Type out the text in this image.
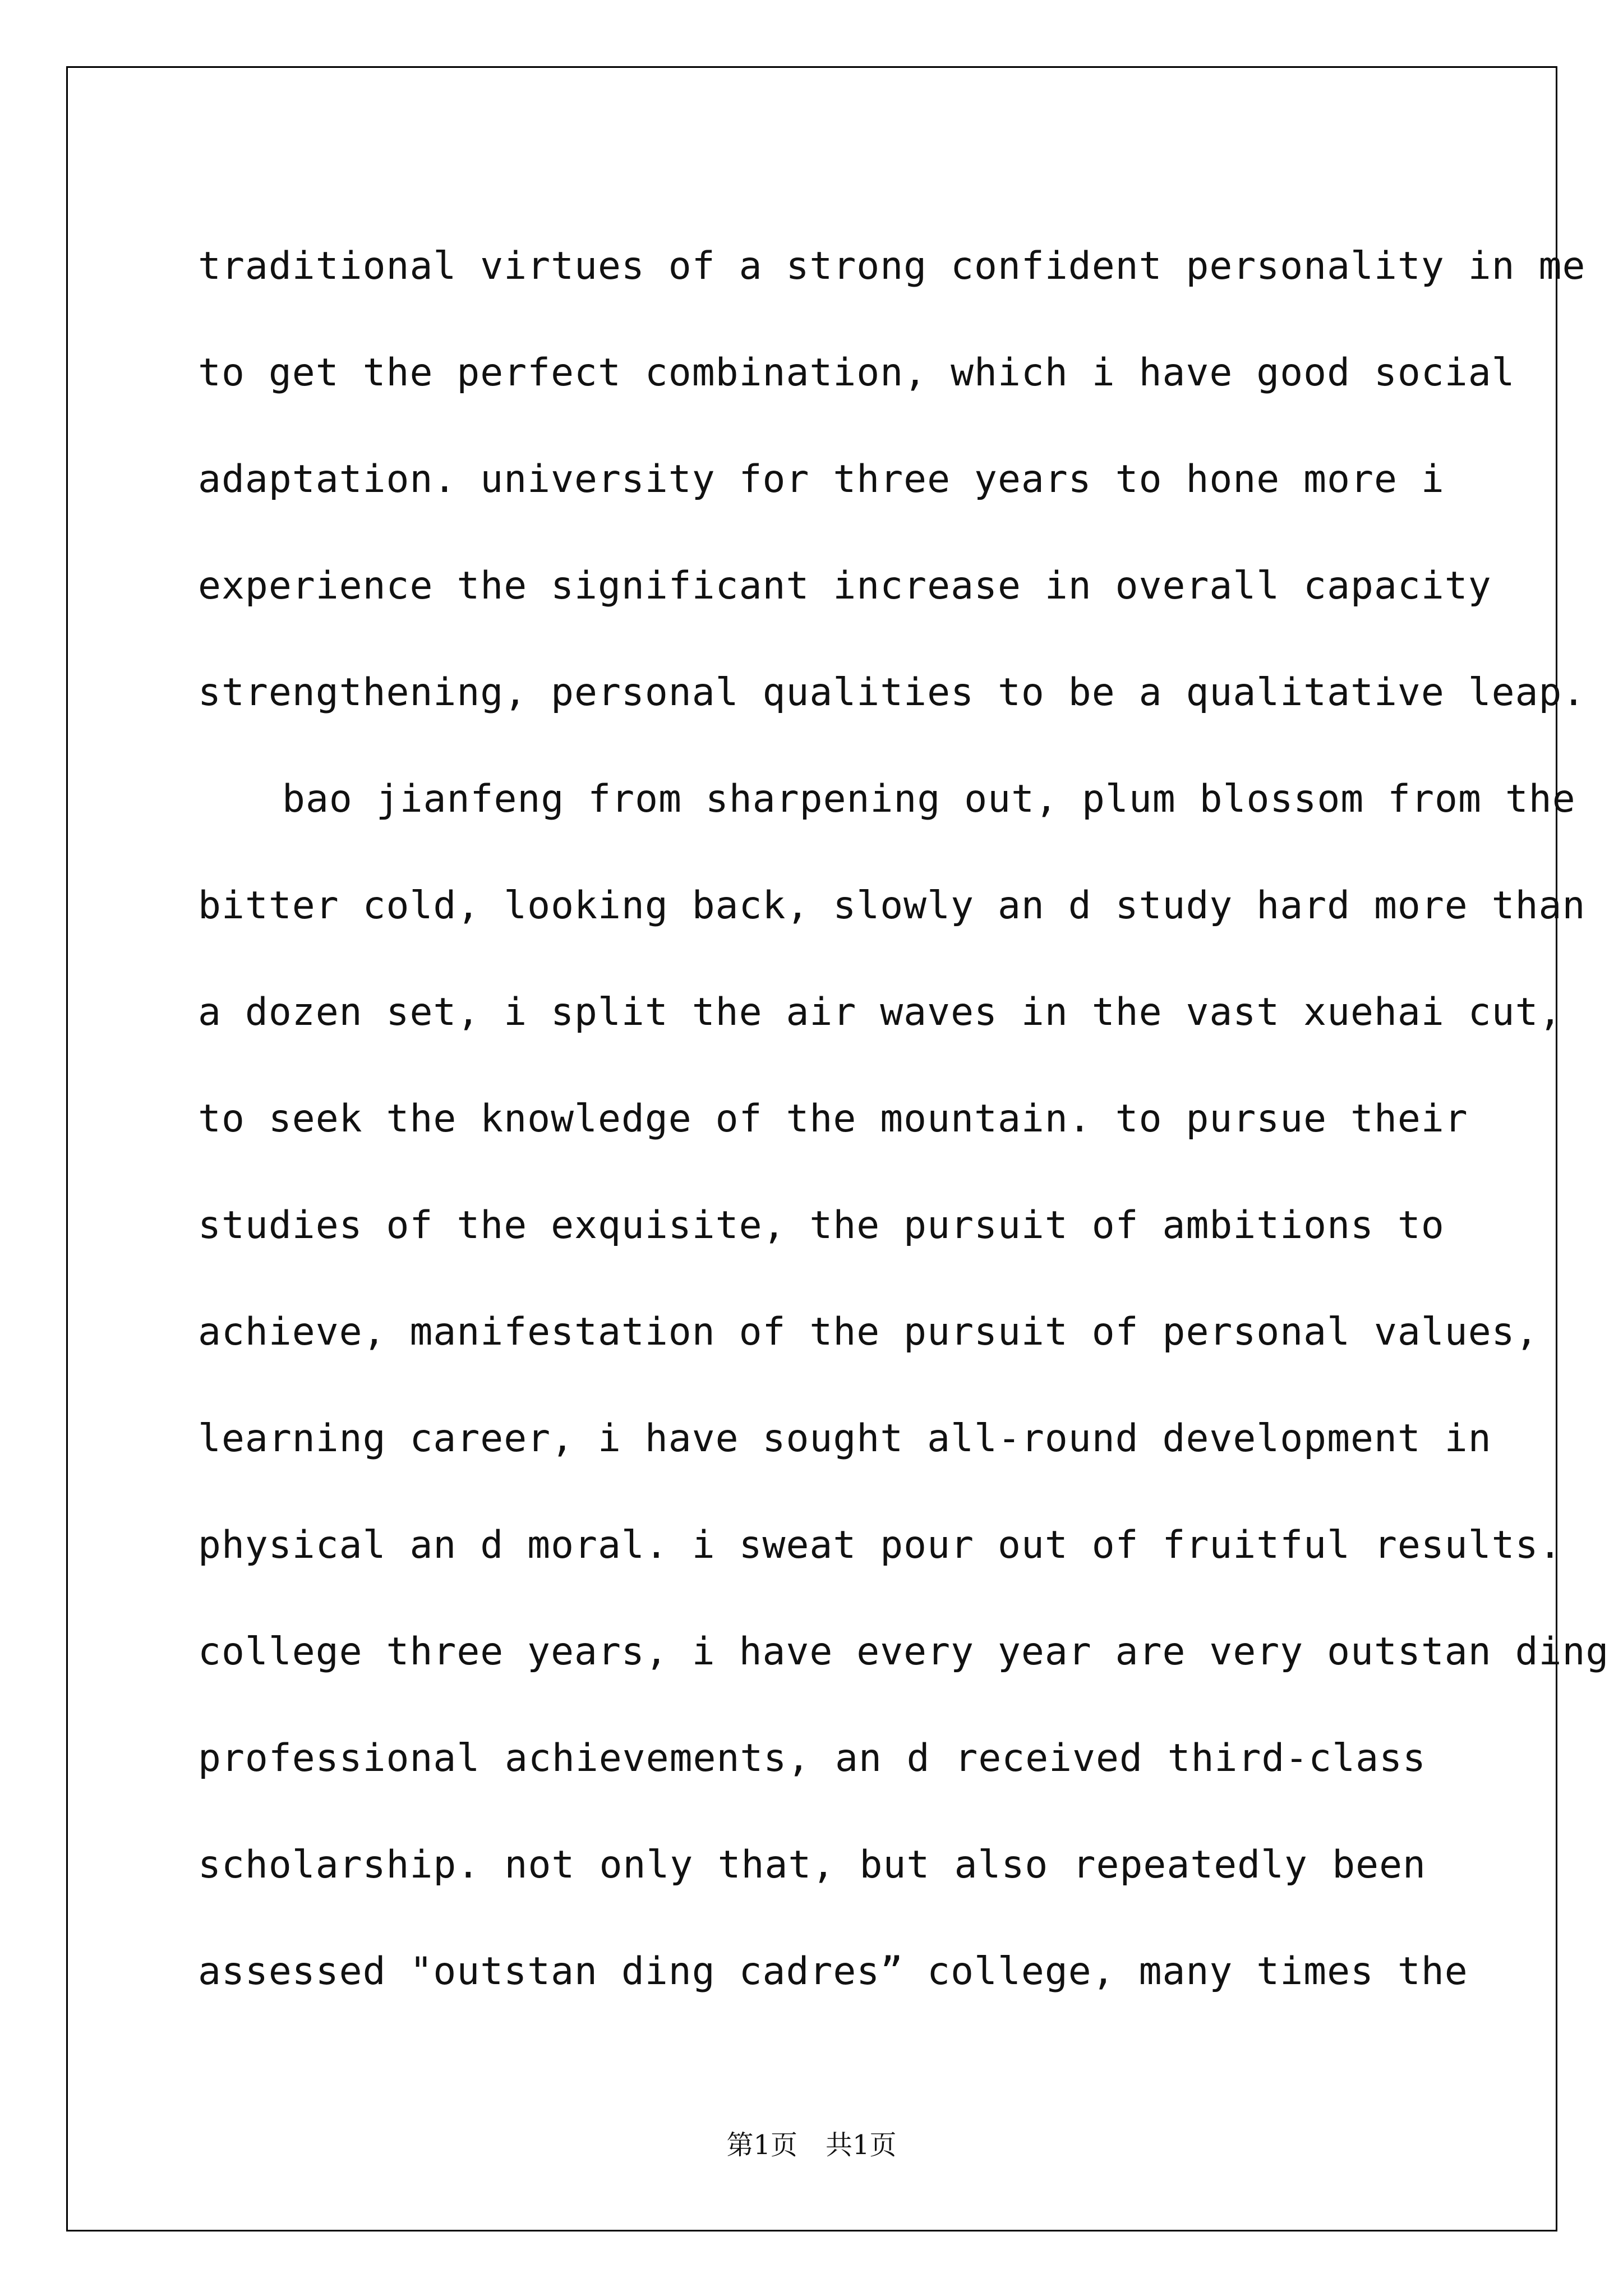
traditional virtues of a strong confident personality in me
to get the perfect combination, which i have good social
adaptation. university for three years to hone more i
experience the significant increase in overall capacity
strengthening, personal qualities to be a qualitative leap.
bao jianfeng from sharpening out, plum blossom from the
bitter cold, looking back, slowly an d study hard more than
a dozen set, i split the air waves in the vast xuehai cut,
to seek the knowledge of the mountain. to pursue their
studies of the exquisite, the pursuit of ambitions to
achieve, manifestation of the pursuit of personal values,
learning career, i have sought all-round development in
physical an d moral. i sweat pour out of fruitful results.
college three years, i have every year are very outstan ding
professional achievements, an d received third-class
scholarship. not only that, but also repeatedly been
assessed "outstan ding cadres” college, many times the
第1页 共1页
